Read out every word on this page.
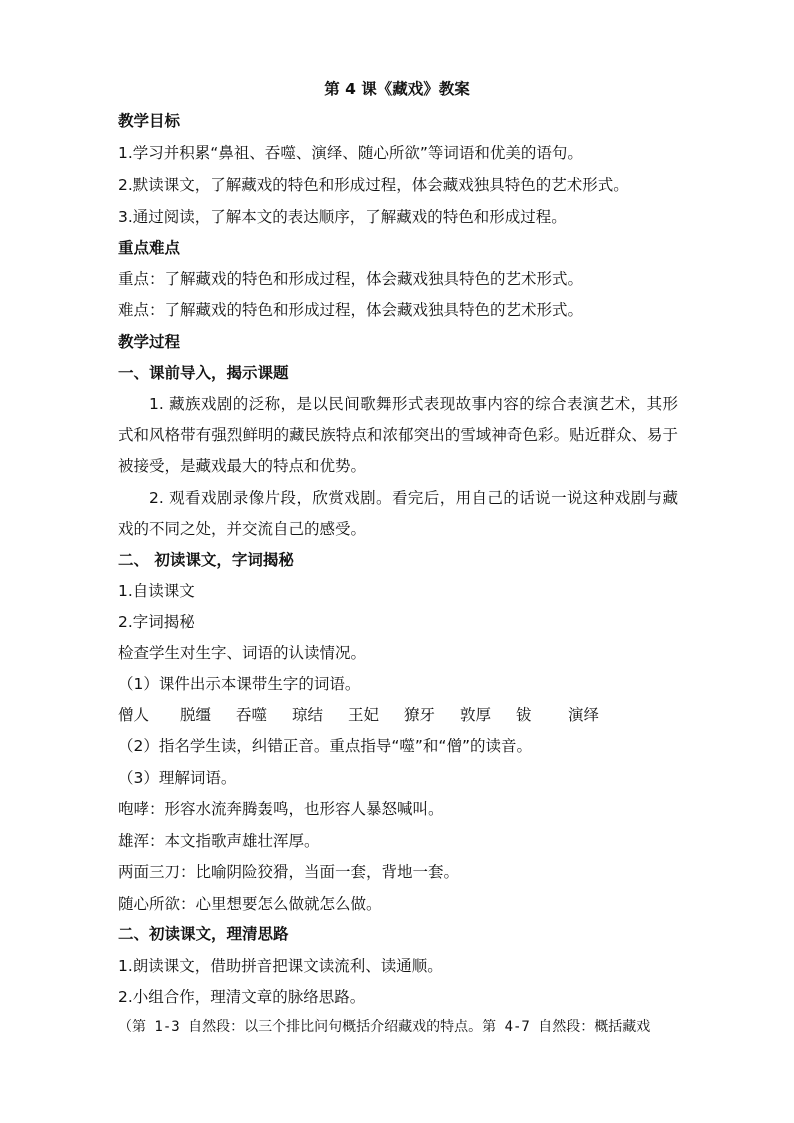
第 4 课《藏戏》教案

教学目标

1.学习并积累“鼻祖、吞噬、演绎、随心所欲”等词语和优美的语句。

2.默读课文，了解藏戏的特色和形成过程，体会藏戏独具特色的艺术形式。

3.通过阅读，了解本文的表达顺序，了解藏戏的特色和形成过程。

重点难点

重点：了解藏戏的特色和形成过程，体会藏戏独具特色的艺术形式。

难点：了解藏戏的特色和形成过程，体会藏戏独具特色的艺术形式。

教学过程

一、课前导入，揭示课题

1. 藏族戏剧的泛称，是以民间歌舞形式表现故事内容的综合表演艺术，其形式和风格带有强烈鲜明的藏民族特点和浓郁突出的雪域神奇色彩。贴近群众、易于被接受，是藏戏最大的特点和优势。

2. 观看戏剧录像片段，欣赏戏剧。看完后，用自己的话说一说这种戏剧与藏戏的不同之处，并交流自己的感受。

二、 初读课文，字词揭秘

1.自读课文

2.字词揭秘

检查学生对生字、词语的认读情况。

（1）课件出示本课带生字的词语。

僧人 脱缰 吞噬 琼结 王妃 獠牙 敦厚 钹 演绎

（2）指名学生读，纠错正音。重点指导“噬”和“僧”的读音。

（3）理解词语。

咆哮：形容水流奔腾轰鸣，也形容人暴怒喊叫。

雄浑：本文指歌声雄壮浑厚。

两面三刀：比喻阴险狡猾，当面一套，背地一套。

随心所欲：心里想要怎么做就怎么做。

二、初读课文，理清思路

1.朗读课文，借助拼音把课文读流利、读通顺。

2.小组合作，理清文章的脉络思路。

（第 1-3 自然段：以三个排比问句概括介绍藏戏的特点。第 4-7 自然段：概括藏戏
